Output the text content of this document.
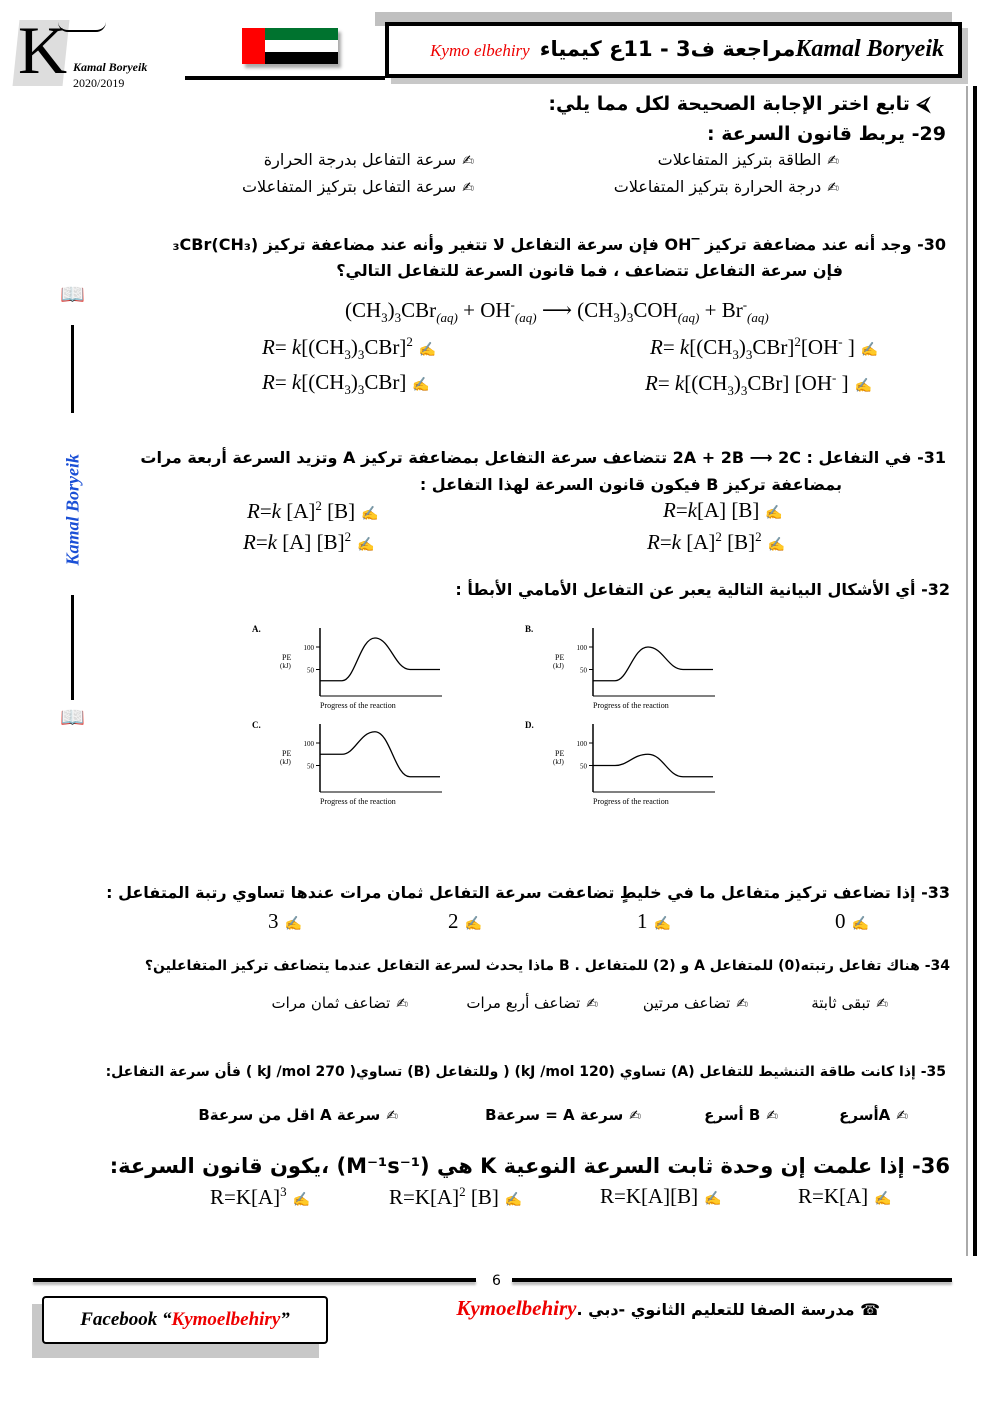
K Kamal Boryeik
2020/2019
Kamal Boryeikمراجعة ف3 - 11ع كيمياءKymo elbehiry
📖
Kamal Boryeik
📖
⮘ تابع اختر الإجابة الصحيحة لكل مما يلي:
29- يربط قانون السرعة :
✍الطاقة بتركيز المتفاعلات
✍سرعة التفاعل بدرجة الحرارة
✍درجة الحرارة بتركيز المتفاعلات
✍سرعة التفاعل بتركيز المتفاعلات
30- وجد أنه عند مضاعفة تركيز ‾OH فإن سرعة التفاعل لا تتغير وأنه عند مضاعفة تركيز (CH₃)₃CBr
فإن سرعة التفاعل تتضاعف ، فما قانون السرعة للتفاعل التالي؟
$(CH_3)_3CBr_{(aq)} + OH^-_{(aq)}$ ⟶ $(CH_3)_3COH_{(aq)} + Br^-_{(aq)}$
$R= k[(CH_3)_3CBr]^2[OH^-$ ] ✍
$R= k[(CH_3)_3CBr]^2✍$
$R= k[(CH_3)_3CBr]$ [OH- ] ✍
$R= k[(CH_3)_3CBr]$ ✍
31- في التفاعل : 2A + 2B ⟶ 2C تتضاعف سرعة التفاعل بمضاعفة تركيز A وتزيد السرعة أربعة مرات
بمضاعفة تركيز B فيكون قانون السرعة لهذا التفاعل :
R=k[A] [B] ✍
R=k $[A]^2$ [B] ✍
R=k $[A]^2$ $[B]^2✍$
R=k [A] $[B]^2✍$
32- أي الأشكال البيانية التالية يعبر عن التفاعل الأمامي الأبطأ :
A.
100
50
PE
(kJ)
Progress of the reaction
B.
100
50
PE
(kJ)
Progress of the reaction
C.
100
50
PE
(kJ)
Progress of the reaction
D.
100
50
PE
(kJ)
Progress of the reaction
33- إذا تضاعف تركيز متفاعل ما في خليطٍ تضاعفت سرعة التفاعل ثمان مرات عندها تساوي رتبة المتفاعل :
0 ✍
1 ✍
2 ✍
3 ✍
34- هناك تفاعل رتبته(0) للمتفاعل A و (2) للمتفاعل . B ماذا يحدث لسرعة التفاعل عندما يتضاعف تركيز المتفاعلين؟
✍تبقى ثابتة
✍تضاعف مرتين
✍تضاعف أربع مرات
✍تضاعف ثمان مرات
35- إذا كانت طاقة التنشيط للتفاعل (A) تساوي (120 kJ /mol) ( وللتفاعل (B) تساوي( 270 kJ /mol ) فأن سرعة التفاعل:
✍Aأسرع
✍B أسرع
✍سرعة A = سرعةB
✍سرعة A اقل من سرعةB
36- إذا علمت إن وحدة ثابت السرعة النوعية K هي (M⁻¹s⁻¹) ،يكون قانون السرعة:
R=K[A] ✍
R=K[A][B] ✍
$R=K[A]^2$ [B] ✍
$R=K[A]^3✍$
6
Facebook “Kymoelbehiry”	☎ مدرسة الصفا للتعليم الثانوي -دبي .Kymoelbehiry
